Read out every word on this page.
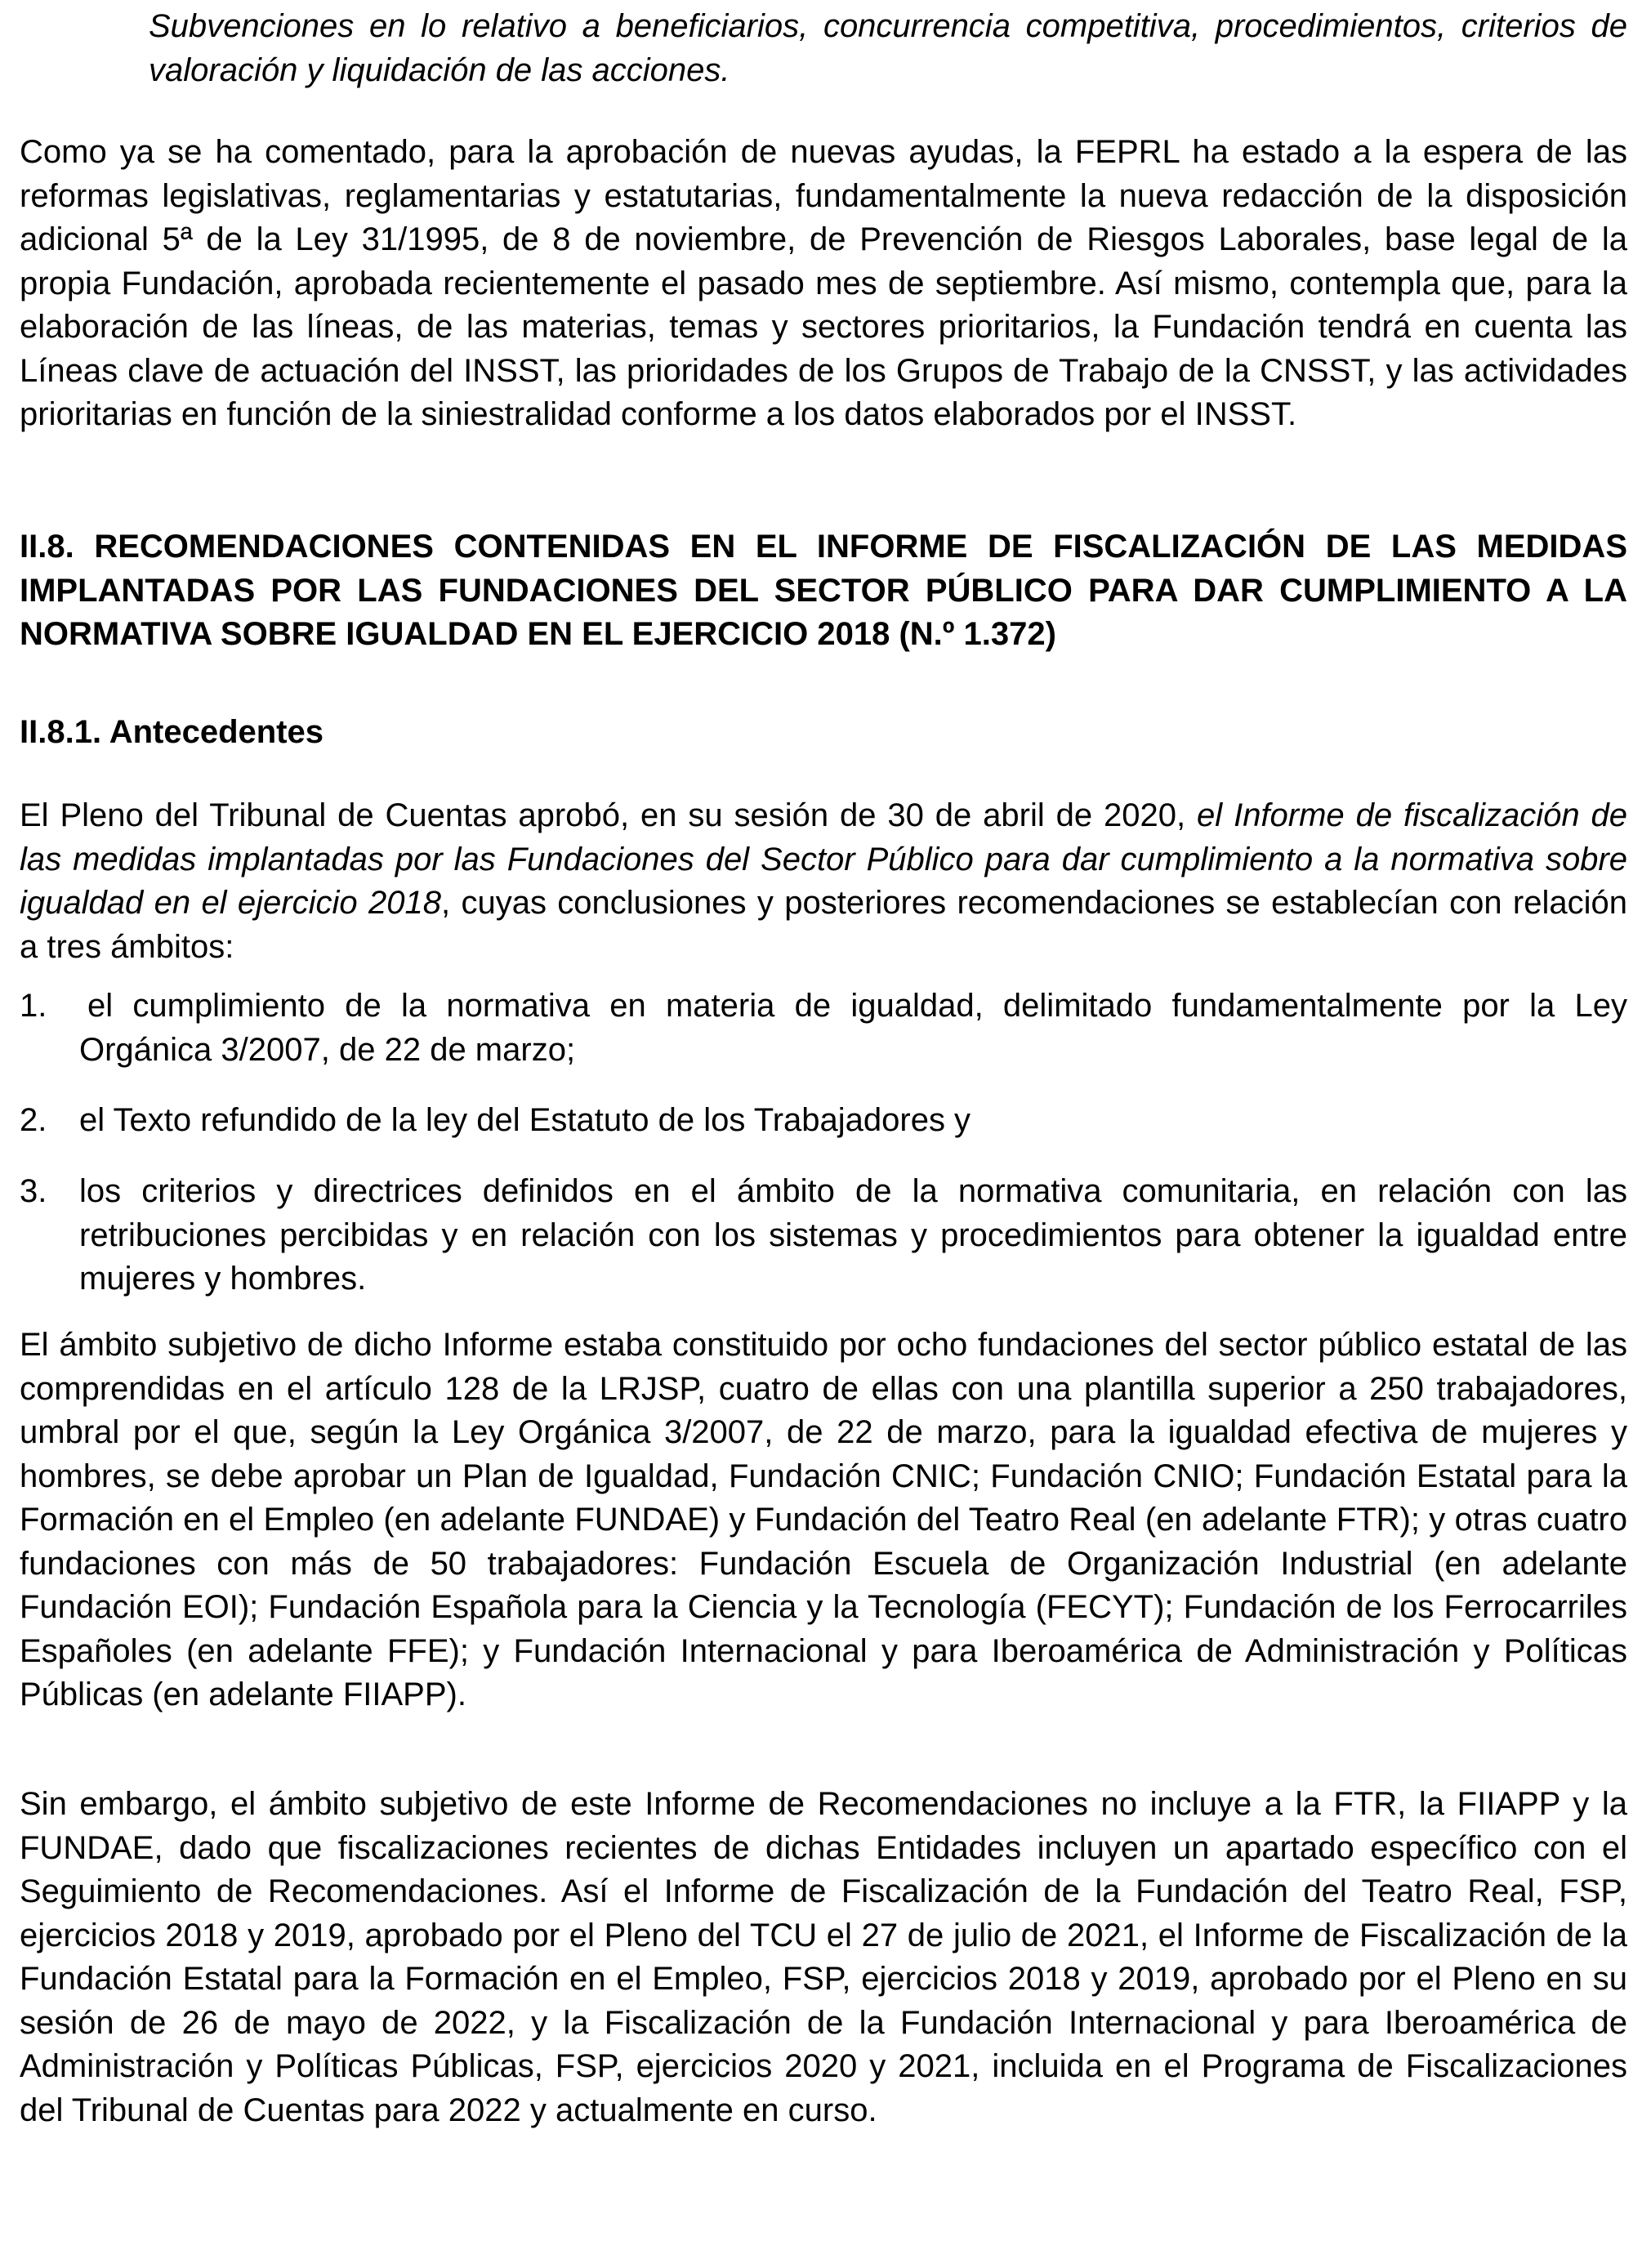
Subvenciones en lo relativo a beneficiarios, concurrencia competitiva, procedimientos, criterios de valoración y liquidación de las acciones.

Como ya se ha comentado, para la aprobación de nuevas ayudas, la FEPRL ha estado a la espera de las reformas legislativas, reglamentarias y estatutarias, fundamentalmente la nueva redacción de la disposición adicional 5ª de la Ley 31/1995, de 8 de noviembre, de Prevención de Riesgos Laborales, base legal de la propia Fundación, aprobada recientemente el pasado mes de septiembre. Así mismo, contempla que, para la elaboración de las líneas, de las materias, temas y sectores prioritarios, la Fundación tendrá en cuenta las Líneas clave de actuación del INSST, las prioridades de los Grupos de Trabajo de la CNSST, y las actividades prioritarias en función de la siniestralidad conforme a los datos elaborados por el INSST.

II.8. RECOMENDACIONES CONTENIDAS EN EL INFORME DE FISCALIZACIÓN DE LAS MEDIDAS IMPLANTADAS POR LAS FUNDACIONES DEL SECTOR PÚBLICO PARA DAR CUMPLIMIENTO A LA NORMATIVA SOBRE IGUALDAD EN EL EJERCICIO 2018 (N.º 1.372)

II.8.1. Antecedentes

El Pleno del Tribunal de Cuentas aprobó, en su sesión de 30 de abril de 2020, el Informe de fiscalización de las medidas implantadas por las Fundaciones del Sector Público para dar cumplimiento a la normativa sobre igualdad en el ejercicio 2018, cuyas conclusiones y posteriores recomendaciones se establecían con relación a tres ámbitos:

1.	el cumplimiento de la normativa en materia de igualdad, delimitado fundamentalmente por la Ley Orgánica 3/2007, de 22 de marzo;
2. el Texto refundido de la ley del Estatuto de los Trabajadores y
3. los criterios y directrices definidos en el ámbito de la normativa comunitaria, en relación con las retribuciones percibidas y en relación con los sistemas y procedimientos para obtener la igualdad entre mujeres y hombres.

El ámbito subjetivo de dicho Informe estaba constituido por ocho fundaciones del sector público estatal de las comprendidas en el artículo 128 de la LRJSP, cuatro de ellas con una plantilla superior a 250 trabajadores, umbral por el que, según la Ley Orgánica 3/2007, de 22 de marzo, para la igualdad efectiva de mujeres y hombres, se debe aprobar un Plan de Igualdad, Fundación CNIC; Fundación CNIO; Fundación Estatal para la Formación en el Empleo (en adelante FUNDAE) y Fundación del Teatro Real (en adelante FTR); y otras cuatro fundaciones con más de 50 trabajadores: Fundación Escuela de Organización Industrial (en adelante Fundación EOI); Fundación Española para la Ciencia y la Tecnología (FECYT); Fundación de los Ferrocarriles Españoles (en adelante FFE); y Fundación Internacional y para Iberoamérica de Administración y Políticas Públicas (en adelante FIIAPP).

Sin embargo, el ámbito subjetivo de este Informe de Recomendaciones no incluye a la FTR, la FIIAPP y la FUNDAE, dado que fiscalizaciones recientes de dichas Entidades incluyen un apartado específico con el Seguimiento de Recomendaciones. Así el Informe de Fiscalización de la Fundación del Teatro Real, FSP, ejercicios 2018 y 2019, aprobado por el Pleno del TCU el 27 de julio de 2021, el Informe de Fiscalización de la Fundación Estatal para la Formación en el Empleo, FSP, ejercicios 2018 y 2019, aprobado por el Pleno en su sesión de 26 de mayo de 2022, y la Fiscalización de la Fundación Internacional y para Iberoamérica de Administración y Políticas Públicas, FSP, ejercicios 2020 y 2021, incluida en el Programa de Fiscalizaciones del Tribunal de Cuentas para 2022 y actualmente en curso.
